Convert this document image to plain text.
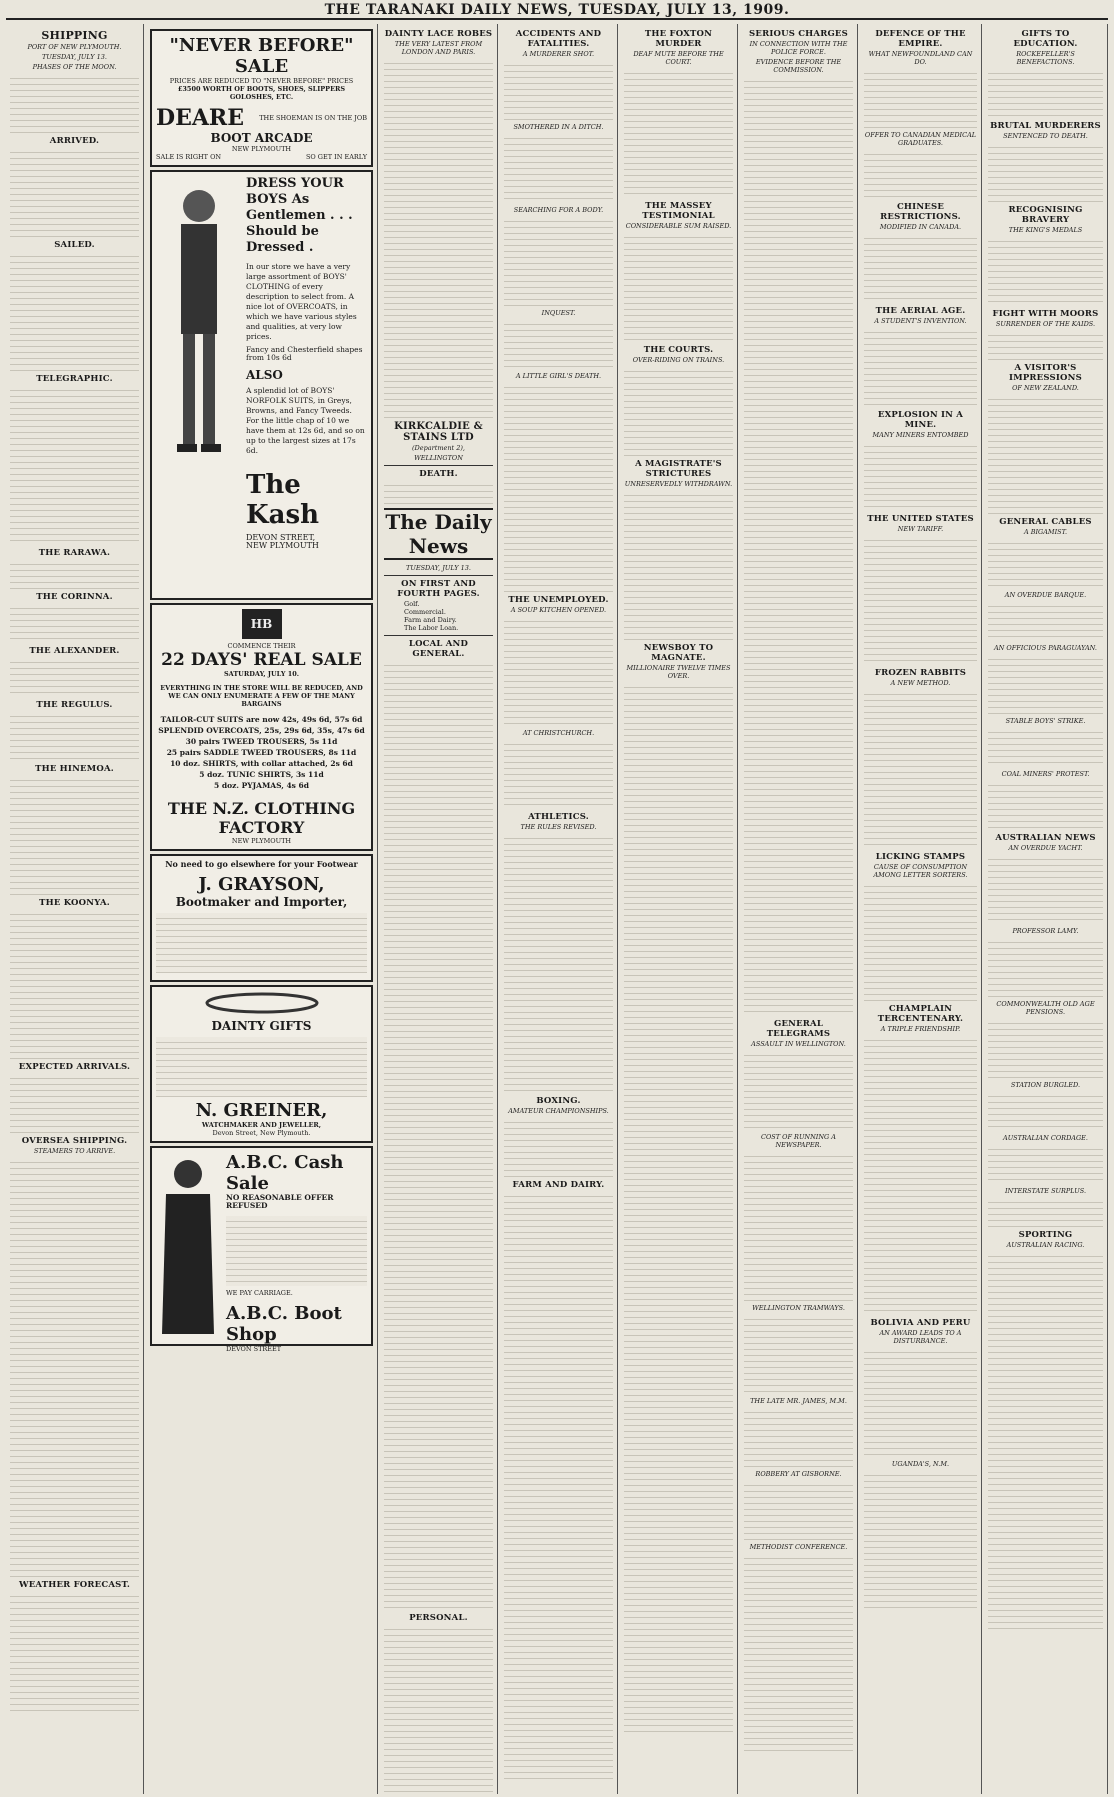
THE TARANAKI DAILY NEWS, TUESDAY, JULY 13, 1909.
SHIPPING
PORT OF NEW PLYMOUTH.
TUESDAY, JULY 13.
PHASES OF THE MOON.
ARRIVED.
SAILED.
TELEGRAPHIC.
THE RARAWA.
THE CORINNA.
THE ALEXANDER.
THE REGULUS.
THE HINEMOA.
THE KOONYA.
EXPECTED ARRIVALS.
OVERSEA SHIPPING.
STEAMERS TO ARRIVE.
WEATHER FORECAST.
"NEVER BEFORE" SALE
PRICES ARE REDUCED TO "NEVER BEFORE" PRICES
£3500 WORTH OF BOOTS, SHOES, SLIPPERS GOLOSHES, ETC.
DEARE THE SHOEMAN IS ON THE JOB
BOOT ARCADE
NEW PLYMOUTH
SALE IS RIGHT ON	SO GET IN EARLY
DRESS YOUR BOYS As Gentlemen . . . Should be Dressed .
In our store we have a very large assortment of BOYS' CLOTHING of every description to select from. A nice lot of OVERCOATS, in which we have various styles and qualities, at very low prices.
Fancy and Chesterfield shapes from 10s 6d
ALSO
A splendid lot of BOYS' NORFOLK SUITS, in Greys, Browns, and Fancy Tweeds. For the little chap of 10 we have them at 12s 6d, and so on up to the largest sizes at 17s 6d.
The Kash
DEVON STREET,
NEW PLYMOUTH
HB
COMMENCE THEIR
22 DAYS' REAL SALE
SATURDAY, JULY 10.
EVERYTHING IN THE STORE WILL BE REDUCED, AND WE CAN ONLY ENUMERATE A FEW OF THE MANY BARGAINS
TAILOR-CUT SUITS are now 42s, 49s 6d, 57s 6d
SPLENDID OVERCOATS, 25s, 29s 6d, 35s, 47s 6d
30 pairs TWEED TROUSERS, 5s 11d
25 pairs SADDLE TWEED TROUSERS, 8s 11d
10 doz. SHIRTS, with collar attached, 2s 6d
5 doz. TUNIC SHIRTS, 3s 11d
5 doz. PYJAMAS, 4s 6d
THE N.Z. CLOTHING FACTORY
NEW PLYMOUTH
No need to go elsewhere for your Footwear
J. GRAYSON,
Bootmaker and Importer,
DAINTY GIFTS
N. GREINER,
WATCHMAKER AND JEWELLER,
Devon Street, New Plymouth.
A.B.C. Cash Sale
NO REASONABLE OFFER REFUSED
WE PAY CARRIAGE.
A.B.C. Boot Shop
DEVON STREET
DAINTY LACE ROBES
THE VERY LATEST FROM LONDON AND PARIS.
KIRKCALDIE & STAINS LTD
(Department 2),
WELLINGTON
DEATH.
The Daily News
TUESDAY, JULY 13.
ON FIRST AND FOURTH PAGES.
Golf.
Commercial.
Farm and Dairy.
The Labor Loan.
LOCAL AND GENERAL.
PERSONAL.
ACCIDENTS AND FATALITIES.
A MURDERER SHOT.
SMOTHERED IN A DITCH.
SEARCHING FOR A BODY.
INQUEST.
A LITTLE GIRL'S DEATH.
THE UNEMPLOYED.
A SOUP KITCHEN OPENED.
AT CHRISTCHURCH.
ATHLETICS.
THE RULES REVISED.
BOXING.
AMATEUR CHAMPIONSHIPS.
FARM AND DAIRY.
THE FOXTON MURDER
DEAF MUTE BEFORE THE COURT.
THE MASSEY TESTIMONIAL
CONSIDERABLE SUM RAISED.
THE COURTS.
OVER-RIDING ON TRAINS.
A MAGISTRATE'S STRICTURES
UNRESERVEDLY WITHDRAWN.
NEWSBOY TO MAGNATE.
MILLIONAIRE TWELVE TIMES OVER.
SERIOUS CHARGES
IN CONNECTION WITH THE POLICE FORCE.
EVIDENCE BEFORE THE COMMISSION.
GENERAL TELEGRAMS
ASSAULT IN WELLINGTON.
COST OF RUNNING A NEWSPAPER.
WELLINGTON TRAMWAYS.
THE LATE MR. JAMES, M.M.
ROBBERY AT GISBORNE.
METHODIST CONFERENCE.
DEFENCE OF THE EMPIRE.
WHAT NEWFOUNDLAND CAN DO.
OFFER TO CANADIAN MEDICAL GRADUATES.
CHINESE RESTRICTIONS.
MODIFIED IN CANADA.
THE AERIAL AGE.
A STUDENT'S INVENTION.
EXPLOSION IN A MINE.
MANY MINERS ENTOMBED
THE UNITED STATES
NEW TARIFF.
FROZEN RABBITS
A NEW METHOD.
LICKING STAMPS
CAUSE OF CONSUMPTION AMONG LETTER SORTERS.
CHAMPLAIN TERCENTENARY.
A TRIPLE FRIENDSHIP.
BOLIVIA AND PERU
AN AWARD LEADS TO A DISTURBANCE.
UGANDA'S, N.M.
GIFTS TO EDUCATION.
ROCKEFELLER'S BENEFACTIONS.
BRUTAL MURDERERS
SENTENCED TO DEATH.
RECOGNISING BRAVERY
THE KING'S MEDALS
FIGHT WITH MOORS
SURRENDER OF THE KAIDS.
A VISITOR'S IMPRESSIONS
OF NEW ZEALAND.
GENERAL CABLES
A BIGAMIST.
AN OVERDUE BARQUE.
AN OFFICIOUS PARAGUAYAN.
STABLE BOYS' STRIKE.
COAL MINERS' PROTEST.
AUSTRALIAN NEWS
AN OVERDUE YACHT.
PROFESSOR LAMY.
COMMONWEALTH OLD AGE PENSIONS.
STATION BURGLED.
AUSTRALIAN CORDAGE.
INTERSTATE SURPLUS.
SPORTING
AUSTRALIAN RACING.
